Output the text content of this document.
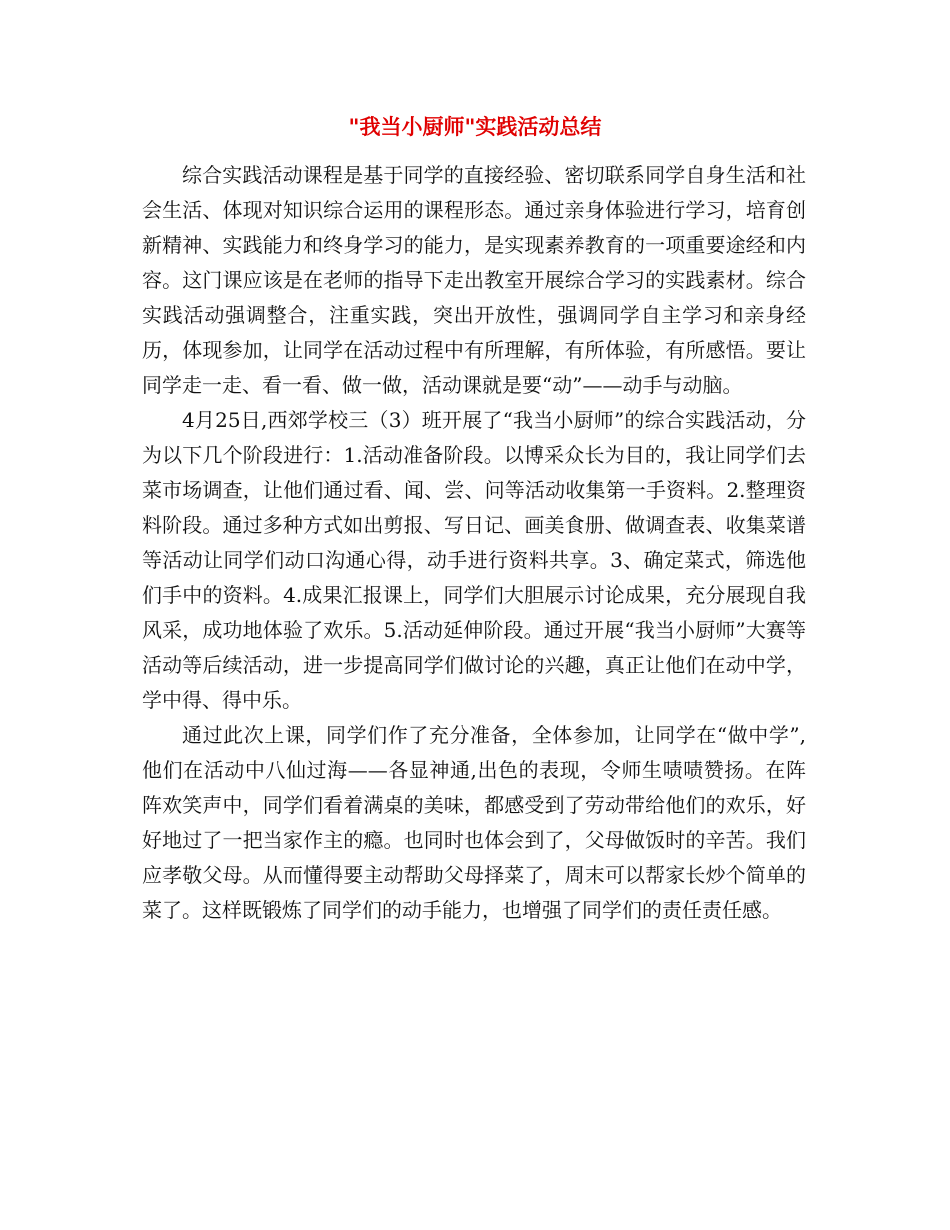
"我当小厨师"实践活动总结

综合实践活动课程是基于同学的直接经验、密切联系同学自身生活和社会生活、体现对知识综合运用的课程形态。通过亲身体验进行学习，培育创新精神、实践能力和终身学习的能力，是实现素养教育的一项重要途经和内容。这门课应该是在老师的指导下走出教室开展综合学习的实践素材。综合实践活动强调整合，注重实践，突出开放性，强调同学自主学习和亲身经历，体现参加，让同学在活动过程中有所理解，有所体验，有所感悟。要让同学走一走、看一看、做一做，活动课就是要“动”——动手与动脑。

4月25日,西郊学校三（3）班开展了“我当小厨师”的综合实践活动，分为以下几个阶段进行：1.活动准备阶段。以博采众长为目的，我让同学们去菜市场调查，让他们通过看、闻、尝、问等活动收集第一手资料。2.整理资料阶段。通过多种方式如出剪报、写日记、画美食册、做调查表、收集菜谱等活动让同学们动口沟通心得，动手进行资料共享。3、确定菜式，筛选他们手中的资料。4.成果汇报课上，同学们大胆展示讨论成果，充分展现自我风采，成功地体验了欢乐。5.活动延伸阶段。通过开展“我当小厨师”大赛等活动等后续活动，进一步提高同学们做讨论的兴趣，真正让他们在动中学，学中得、得中乐。

通过此次上课，同学们作了充分准备，全体参加，让同学在“做中学”,他们在活动中八仙过海——各显神通,出色的表现，令师生啧啧赞扬。在阵阵欢笑声中，同学们看着满桌的美味，都感受到了劳动带给他们的欢乐，好好地过了一把当家作主的瘾。也同时也体会到了，父母做饭时的辛苦。我们应孝敬父母。从而懂得要主动帮助父母择菜了，周末可以帮家长炒个简单的菜了。这样既锻炼了同学们的动手能力，也增强了同学们的责任责任感。
